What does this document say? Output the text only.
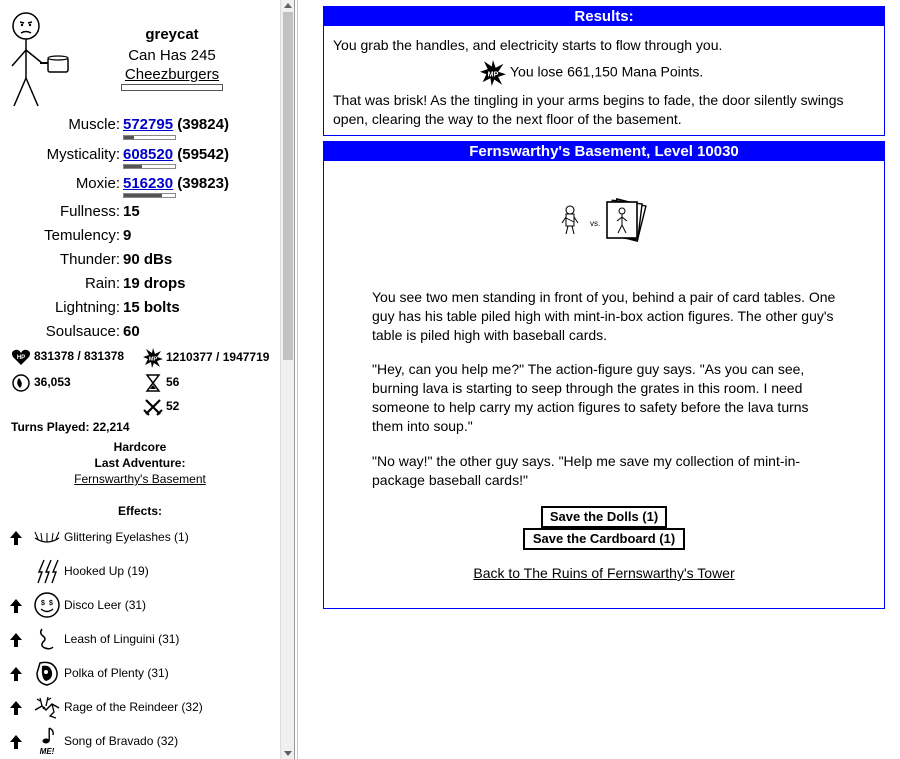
greycat
Can Has 245
Cheezburgers
Muscle: 572795 (39824)
Mysticality: 608520 (59542)
Moxie: 516230 (39823)
Fullness: 15
Temulency: 9
Thunder: 90 dBs
Rain: 19 drops
Lightning: 15 bolts
Soulsauce: 60
HP 831378 / 831378	MP 1210377 / 1947719
36,053	56
52
Turns Played: 22,214
Hardcore
Last Adventure:
Fernswarthy's Basement
Effects:
Glittering Eyelashes (1)
Hooked Up (19)
$ $ Disco Leer (31)
Leash of Linguini (31)
Polka of Plenty (31)
Rage of the Reindeer (32)
ME!
Song of Bravado (32)
Results:
You grab the handles, and electricity starts to flow through you.
MP You lose 661,150 Mana Points.
That was brisk! As the tingling in your arms begins to fade, the door silently swings open, clearing the way to the next floor of the basement.
Fernswarthy's Basement, Level 10030
vs.
You see two men standing in front of you, behind a pair of card tables. One guy has his table piled high with mint-in-box action figures. The other guy's table is piled high with baseball cards.
"Hey, can you help me?" The action-figure guy says. "As you can see, burning lava is starting to seep through the grates in this room. I need someone to help carry my action figures to safety before the lava turns them into soup."
"No way!" the other guy says. "Help me save my collection of mint-in-package baseball cards!"
Save the Dolls (1)
Save the Cardboard (1)
Back to The Ruins of Fernswarthy's Tower
